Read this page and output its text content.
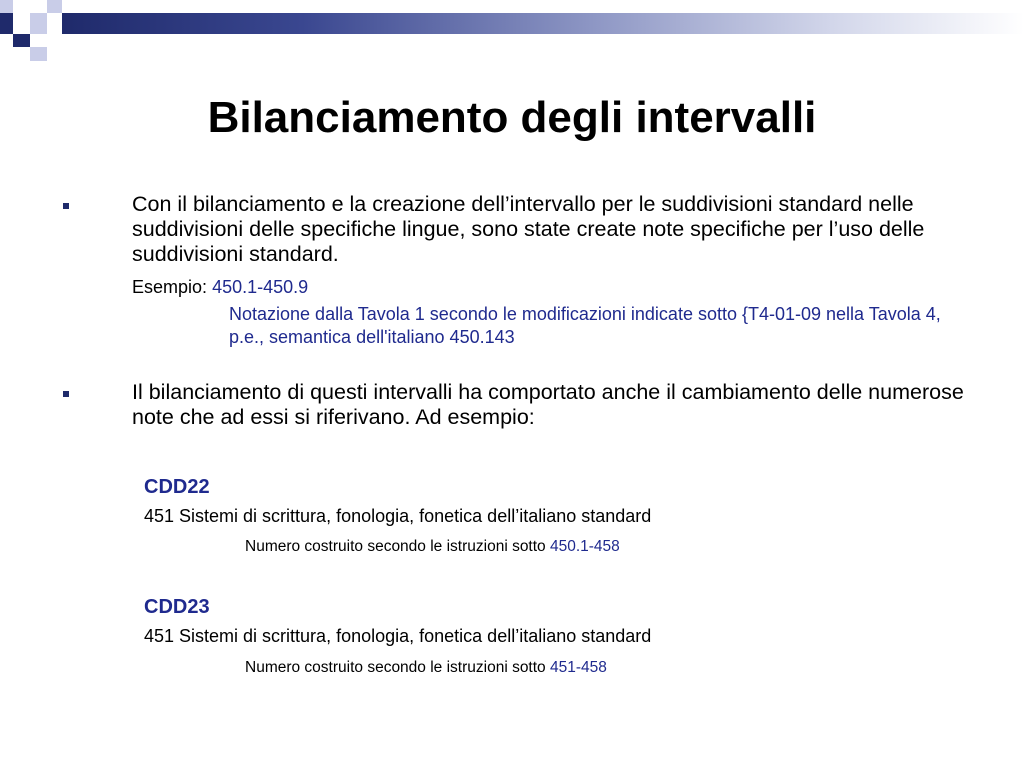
Bilanciamento degli intervalli
Con il bilanciamento e la creazione dell’intervallo per le suddivisioni standard nelle suddivisioni delle specifiche lingue, sono state create note specifiche per l’uso delle suddivisioni standard.
Esempio: 450.1-450.9
Notazione dalla Tavola 1 secondo le modificazioni indicate sotto {T4-01-09 nella Tavola 4, p.e., semantica dell'italiano 450.143
Il bilanciamento di questi intervalli ha comportato anche il cambiamento delle numerose note che ad essi si riferivano. Ad esempio:
CDD22
451 Sistemi di scrittura, fonologia, fonetica dell’italiano standard
Numero costruito secondo le istruzioni sotto 450.1-458
CDD23
451 Sistemi di scrittura, fonologia, fonetica dell’italiano standard
Numero costruito secondo le istruzioni sotto 451-458
